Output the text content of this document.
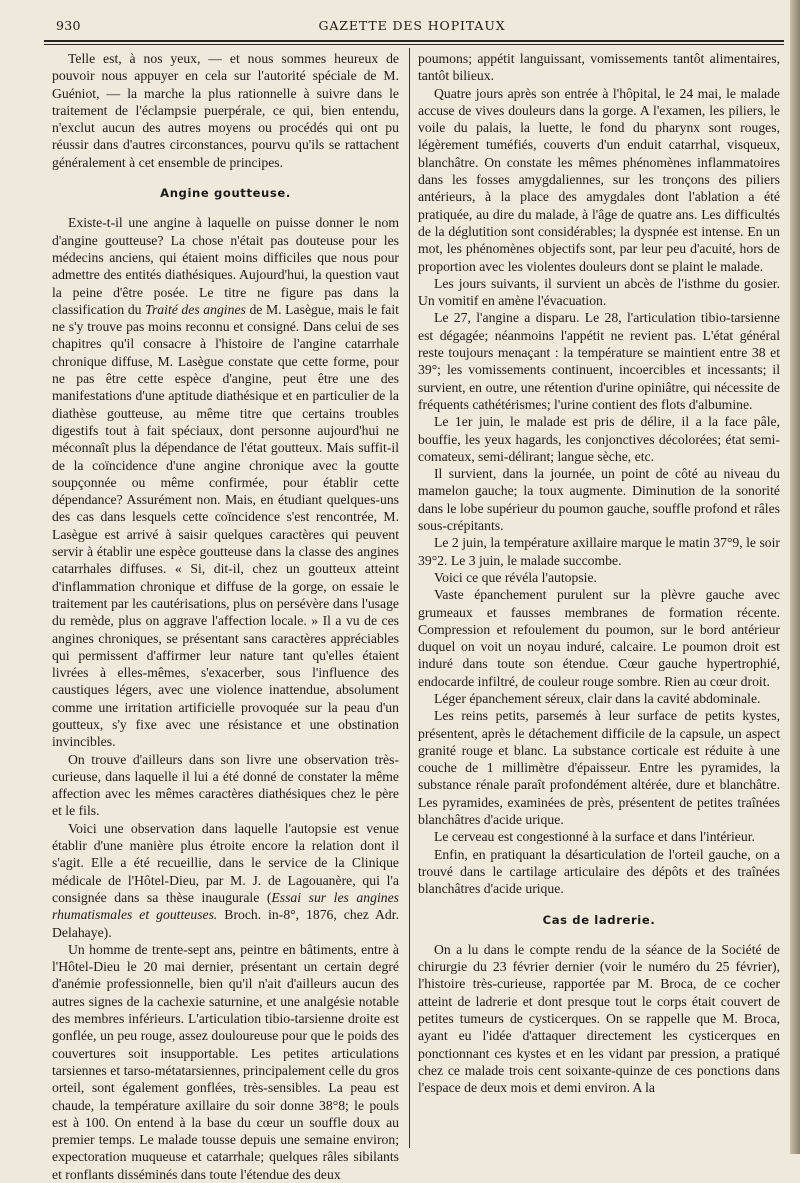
930	GAZETTE DES HOPITAUX

Telle est, à nos yeux, — et nous sommes heureux de pouvoir nous appuyer en cela sur l'autorité spéciale de M. Guéniot, — la marche la plus rationnelle à suivre dans le traitement de l'éclampsie puerpérale, ce qui, bien entendu, n'exclut aucun des autres moyens ou procédés qui ont pu réussir dans d'autres circonstances, pourvu qu'ils se rattachent généralement à cet ensemble de principes.

Angine goutteuse.

Existe-t-il une angine à laquelle on puisse donner le nom d'angine goutteuse? La chose n'était pas douteuse pour les médecins anciens, qui étaient moins difficiles que nous pour admettre des entités diathésiques. Aujourd'hui, la question vaut la peine d'être posée. Le titre ne figure pas dans la classification du Traité des angines de M. Lasègue, mais le fait ne s'y trouve pas moins reconnu et consigné. Dans celui de ses chapitres qu'il consacre à l'histoire de l'angine catarrhale chronique diffuse, M. Lasègue constate que cette forme, pour ne pas être cette espèce d'angine, peut être une des manifestations d'une aptitude diathésique et en particulier de la diathèse goutteuse, au même titre que certains troubles digestifs tout à fait spéciaux, dont personne aujourd'hui ne méconnaît plus la dépendance de l'état goutteux. Mais suffit-il de la coïncidence d'une angine chronique avec la goutte soupçonnée ou même confirmée, pour établir cette dépendance? Assurément non. Mais, en étudiant quelques-uns des cas dans lesquels cette coïncidence s'est rencontrée, M. Lasègue est arrivé à saisir quelques caractères qui peuvent servir à établir une espèce goutteuse dans la classe des angines catarrhales diffuses. « Si, dit-il, chez un goutteux atteint d'inflammation chronique et diffuse de la gorge, on essaie le traitement par les cautérisations, plus on persévère dans l'usage du remède, plus on aggrave l'affection locale. » Il a vu de ces angines chroniques, se présentant sans caractères appréciables qui permissent d'affirmer leur nature tant qu'elles étaient livrées à elles-mêmes, s'exacerber, sous l'influence des caustiques légers, avec une violence inattendue, absolument comme une irritation artificielle provoquée sur la peau d'un goutteux, s'y fixe avec une résistance et une obstination invincibles.

On trouve d'ailleurs dans son livre une observation très-curieuse, dans laquelle il lui a été donné de constater la même affection avec les mêmes caractères diathésiques chez le père et le fils.

Voici une observation dans laquelle l'autopsie est venue établir d'une manière plus étroite encore la relation dont il s'agit. Elle a été recueillie, dans le service de la Clinique médicale de l'Hôtel-Dieu, par M. J. de Lagouanère, qui l'a consignée dans sa thèse inaugurale (Essai sur les angines rhumatismales et goutteuses. Broch. in-8°, 1876, chez Adr. Delahaye).

Un homme de trente-sept ans, peintre en bâtiments, entre à l'Hôtel-Dieu le 20 mai dernier, présentant un certain degré d'anémie professionnelle, bien qu'il n'ait d'ailleurs aucun des autres signes de la cachexie saturnine, et une analgésie notable des membres inférieurs. L'articulation tibio-tarsienne droite est gonflée, un peu rouge, assez douloureuse pour que le poids des couvertures soit insupportable. Les petites articulations tarsiennes et tarso-métatarsiennes, principalement celle du gros orteil, sont également gonflées, très-sensibles. La peau est chaude, la température axillaire du soir donne 38°8; le pouls est à 100. On entend à la base du cœur un souffle doux au premier temps. Le malade tousse depuis une semaine environ; expectoration muqueuse et catarrhale; quelques râles sibilants et ronflants disséminés dans toute l'étendue des deux

poumons; appétit languissant, vomissements tantôt alimentaires, tantôt bilieux.

Quatre jours après son entrée à l'hôpital, le 24 mai, le malade accuse de vives douleurs dans la gorge. A l'examen, les piliers, le voile du palais, la luette, le fond du pharynx sont rouges, légèrement tuméfiés, couverts d'un enduit catarrhal, visqueux, blanchâtre. On constate les mêmes phénomènes inflammatoires dans les fosses amygdaliennes, sur les tronçons des piliers antérieurs, à la place des amygdales dont l'ablation a été pratiquée, au dire du malade, à l'âge de quatre ans. Les difficultés de la déglutition sont considérables; la dyspnée est intense. En un mot, les phénomènes objectifs sont, par leur peu d'acuité, hors de proportion avec les violentes douleurs dont se plaint le malade.

Les jours suivants, il survient un abcès de l'isthme du gosier. Un vomitif en amène l'évacuation.

Le 27, l'angine a disparu. Le 28, l'articulation tibio-tarsienne est dégagée; néanmoins l'appétit ne revient pas. L'état général reste toujours menaçant : la température se maintient entre 38 et 39°; les vomissements continuent, incoercibles et incessants; il survient, en outre, une rétention d'urine opiniâtre, qui nécessite de fréquents cathétérismes; l'urine contient des flots d'albumine.

Le 1er juin, le malade est pris de délire, il a la face pâle, bouffie, les yeux hagards, les conjonctives décolorées; état semi-comateux, semi-délirant; langue sèche, etc.

Il survient, dans la journée, un point de côté au niveau du mamelon gauche; la toux augmente. Diminution de la sonorité dans le lobe supérieur du poumon gauche, souffle profond et râles sous-crépitants.

Le 2 juin, la température axillaire marque le matin 37°9, le soir 39°2. Le 3 juin, le malade succombe.

Voici ce que révéla l'autopsie.

Vaste épanchement purulent sur la plèvre gauche avec grumeaux et fausses membranes de formation récente. Compression et refoulement du poumon, sur le bord antérieur duquel on voit un noyau induré, calcaire. Le poumon droit est induré dans toute son étendue. Cœur gauche hypertrophié, endocarde infiltré, de couleur rouge sombre. Rien au cœur droit.

Léger épanchement séreux, clair dans la cavité abdominale.

Les reins petits, parsemés à leur surface de petits kystes, présentent, après le détachement difficile de la capsule, un aspect granité rouge et blanc. La substance corticale est réduite à une couche de 1 millimètre d'épaisseur. Entre les pyramides, la substance rénale paraît profondément altérée, dure et blanchâtre. Les pyramides, examinées de près, présentent de petites traînées blanchâtres d'acide urique.

Le cerveau est congestionné à la surface et dans l'intérieur.

Enfin, en pratiquant la désarticulation de l'orteil gauche, on a trouvé dans le cartilage articulaire des dépôts et des traînées blanchâtres d'acide urique.

Cas de ladrerie.

On a lu dans le compte rendu de la séance de la Société de chirurgie du 23 février dernier (voir le numéro du 25 février), l'histoire très-curieuse, rapportée par M. Broca, de ce cocher atteint de ladrerie et dont presque tout le corps était couvert de petites tumeurs de cysticerques. On se rappelle que M. Broca, ayant eu l'idée d'attaquer directement les cysticerques en ponctionnant ces kystes et en les vidant par pression, a pratiqué chez ce malade trois cent soixante-quinze de ces ponctions dans l'espace de deux mois et demi environ. A la
